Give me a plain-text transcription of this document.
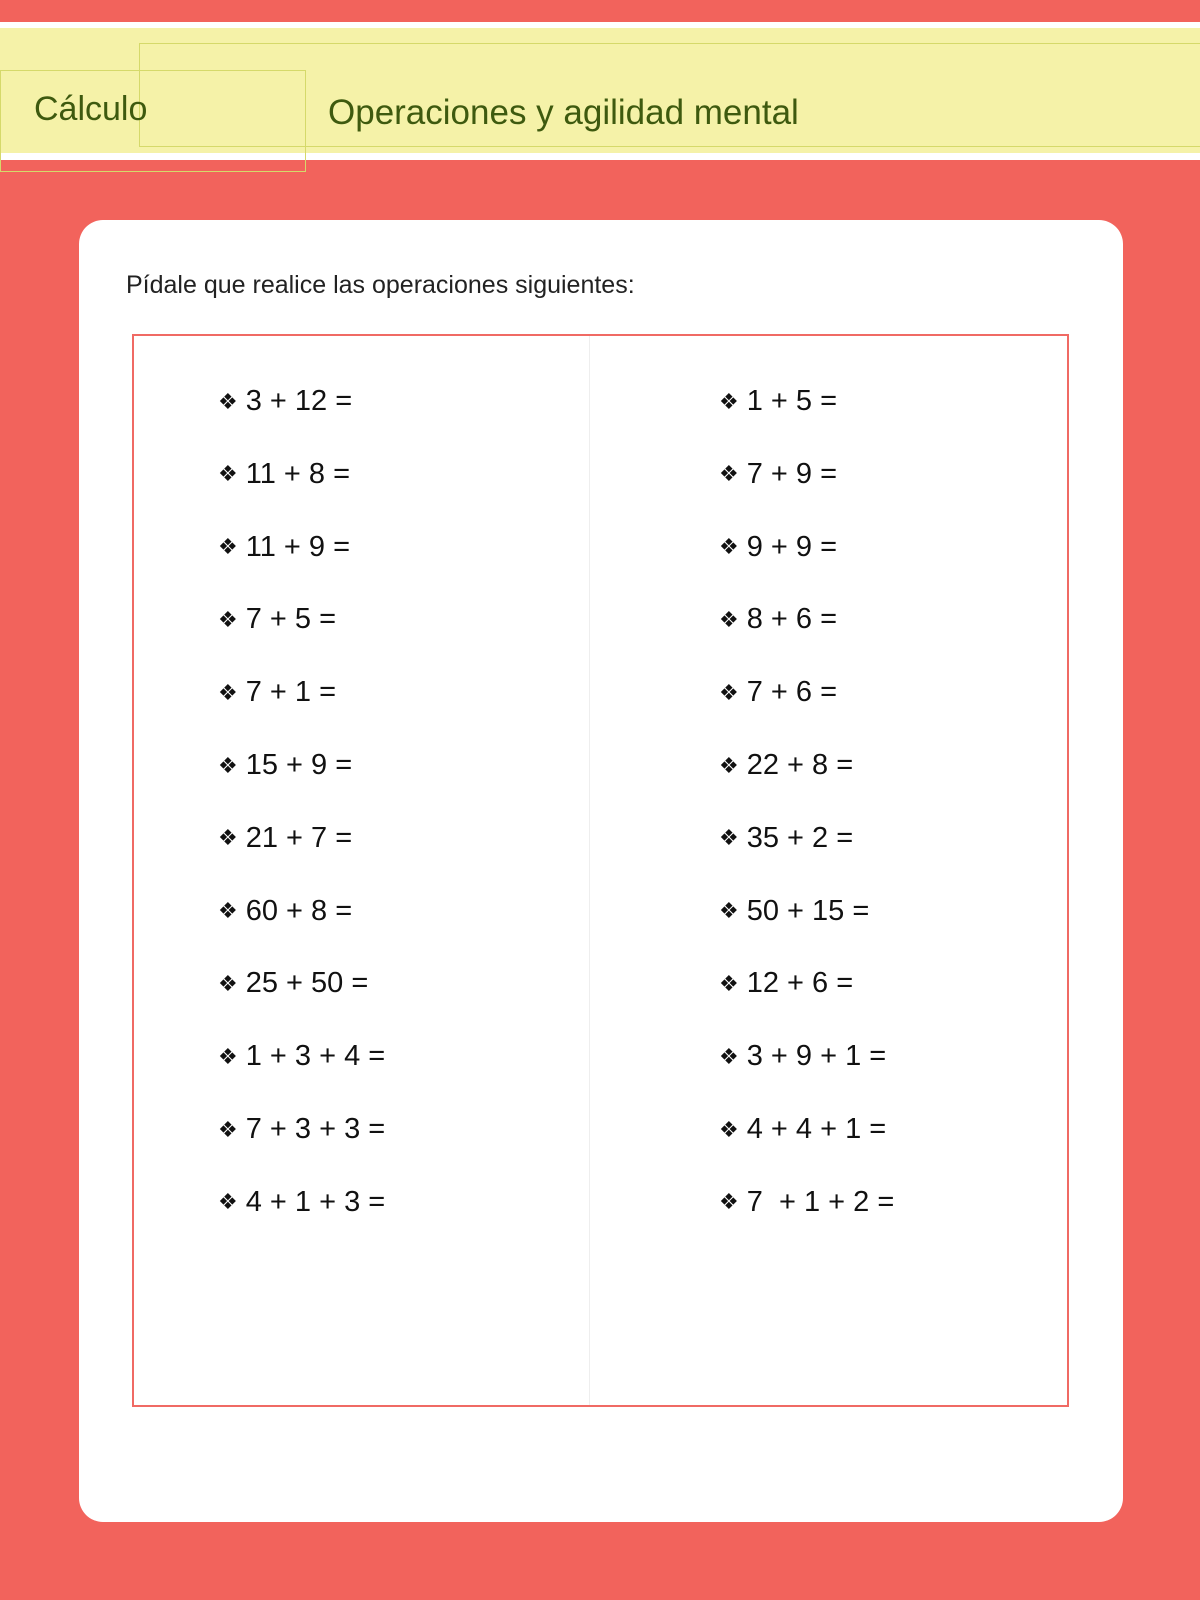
Cálculo	Operaciones y agilidad mental
Pídale que realice las operaciones siguientes:
❖ 3 + 12 =
❖ 11 + 8 =
❖ 11 + 9 =
❖ 7 + 5 =
❖ 7 + 1 =
❖ 15 + 9 =
❖ 21 + 7 =
❖ 60 + 8 =
❖ 25 + 50 =
❖ 1 + 3 + 4 =
❖ 7 + 3 + 3 =
❖ 4 + 1 + 3 =
❖ 1 + 5 =
❖ 7 + 9 =
❖ 9 + 9 =
❖ 8 + 6 =
❖ 7 + 6 =
❖ 22 + 8 =
❖ 35 + 2 =
❖ 50 + 15 =
❖ 12 + 6 =
❖ 3 + 9 + 1 =
❖ 4 + 4 + 1 =
❖ 7  + 1 + 2 =
